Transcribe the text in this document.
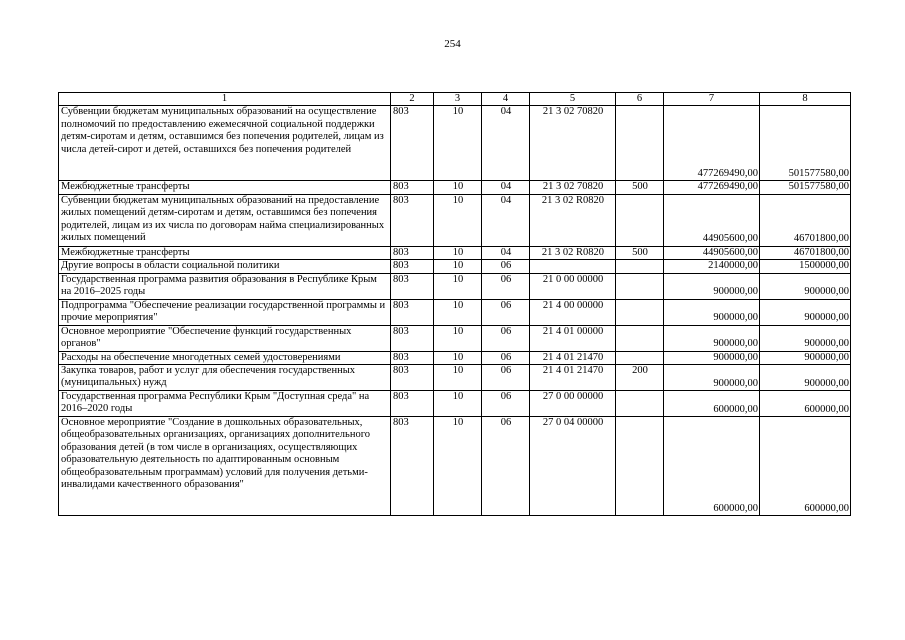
254
1	2	3	4	5	6	7	8
Субвенции бюджетам муниципальных образований на осуществление полномочий по предоставлению ежемесячной социальной поддержки детям-сиротам и детям, оставшимся без попечения родителей, лицам из числа детей-сирот и детей, оставшихся без попечения родителей	803	10	04	21 3 02 70820		477269490,00	501577580,00
Межбюджетные трансферты	803	10	04	21 3 02 70820	500	477269490,00	501577580,00
Субвенции бюджетам муниципальных образований на предоставление жилых помещений детям-сиротам и детям, оставшимся без попечения родителей, лицам из их числа по договорам найма специализированных жилых помещений	803	10	04	21 3 02 R0820		44905600,00	46701800,00
Межбюджетные трансферты	803	10	04	21 3 02 R0820	500	44905600,00	46701800,00
Другие вопросы в области социальной политики	803	10	06			2140000,00	1500000,00
Государственная программа развития образования в Республике Крым на 2016–2025 годы	803	10	06	21 0 00 00000		900000,00	900000,00
Подпрограмма "Обеспечение реализации государственной программы и прочие мероприятия"	803	10	06	21 4 00 00000		900000,00	900000,00
Основное мероприятие "Обеспечение функций государственных органов"	803	10	06	21 4 01 00000		900000,00	900000,00
Расходы на обеспечение многодетных семей удостоверениями	803	10	06	21 4 01 21470		900000,00	900000,00
Закупка товаров, работ и услуг для обеспечения государственных (муниципальных) нужд	803	10	06	21 4 01 21470	200	900000,00	900000,00
Государственная программа Республики Крым "Доступная среда" на 2016–2020 годы	803	10	06	27 0 00 00000		600000,00	600000,00
Основное мероприятие "Создание в дошкольных образовательных, общеобразовательных организациях, организациях дополнительного образования детей (в том числе в организациях, осуществляющих образовательную деятельность по адаптированным основным общеобразовательным программам) условий для получения детьми-инвалидами качественного образования"	803	10	06	27 0 04 00000		600000,00	600000,00
